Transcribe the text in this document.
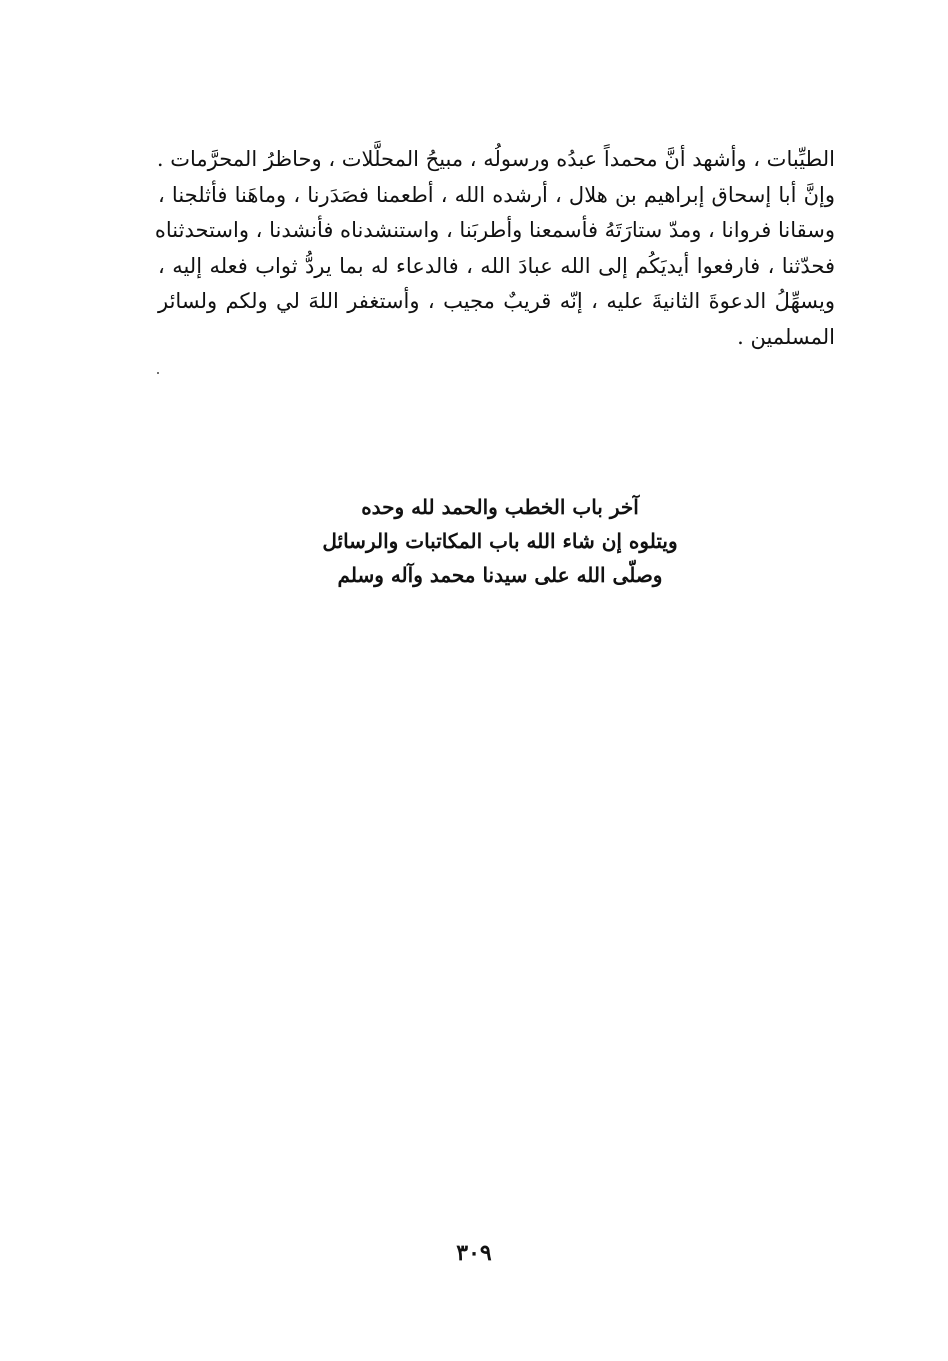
الطيِّبات ، وأشهد أنَّ محمداً عبدُه ورسولُه ، مبيحُ المحلَّلات ، وحاظرُ المحرَّمات .
وإنَّ أبا إسحاق إبراهيم بن هلال ، أرشده الله ، أطعمنا فصَدَرنا ، وماهَنا فأثلجنا ،
وسقانا فروانا ، ومدّ ستارَتَهُ فأسمعنا وأطربَنا ، واستنشدناه فأنشدنا ، واستحدثناه
فحدّثنا ، فارفعوا أيديَكُم إلى الله عبادَ الله ، فالدعاء له بما يردُّ ثواب فعله إليه ،
ويسهِّلُ الدعوةَ الثانيةَ عليه ، إنّه قريبٌ مجيب ، وأستغفر اللهَ لي ولكم ولسائر
المسلمين .
آخر باب الخطب والحمد لله وحده
ويتلوه إن شاء الله باب المكاتبات والرسائل
وصلّى الله على سيدنا محمد وآله وسلم
٣٠٩
